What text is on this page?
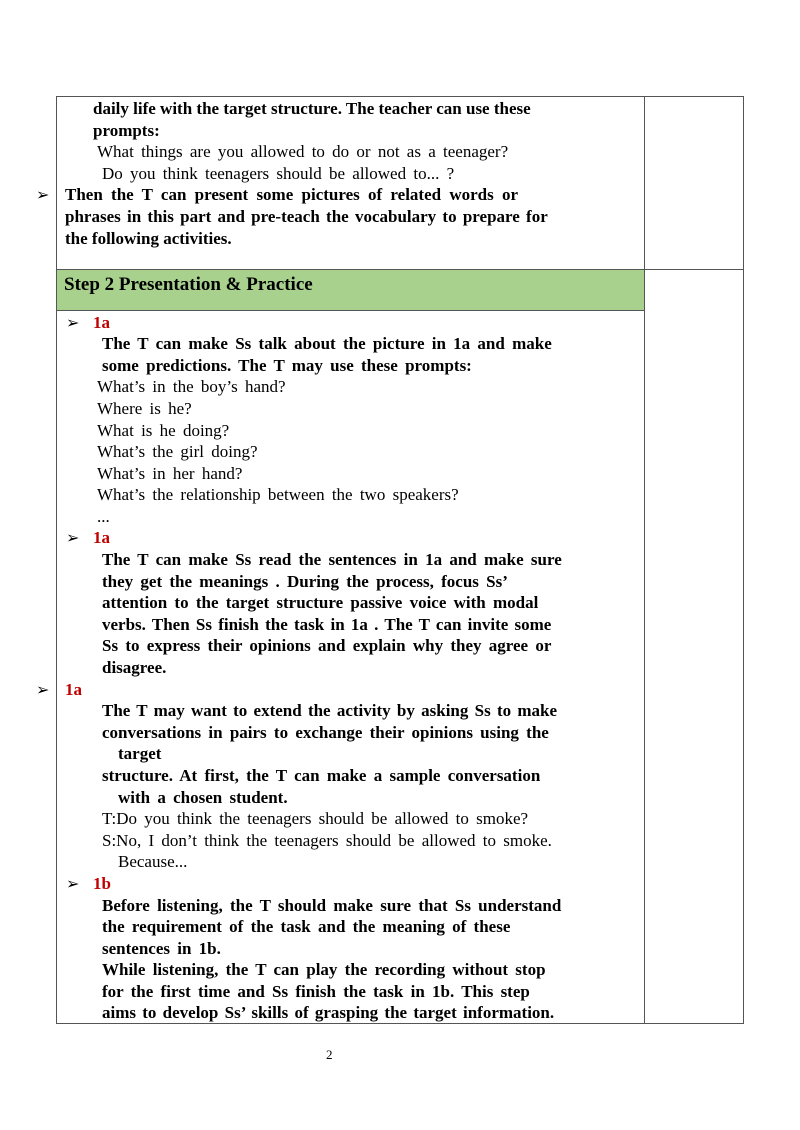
Step 2 Presentation & Practice
daily life with the target structure. The teacher can use these
prompts:
What things are you allowed to do or not as a teenager?
Do you think teenagers should be allowed to... ?
➢ Then the T can present some pictures of related words or
phrases in this part and pre-teach the vocabulary to prepare for
the following activities.
➢ 1a
The T can make Ss talk about the picture in 1a and make
some predictions. The T may use these prompts:
What’s in the boy’s hand?
Where is he?
What is he doing?
What’s the girl doing?
What’s in her hand?
What’s the relationship between the two speakers?
...
➢ 1a
The T can make Ss read the sentences in 1a and make sure
they get the meanings . During the process, focus Ss’
attention to the target structure passive voice with modal
verbs. Then Ss finish the task in 1a . The T can invite some
Ss to express their opinions and explain why they agree or
disagree.
➢ 1a
The T may want to extend the activity by asking Ss to make
conversations in pairs to exchange their opinions using the
target
structure. At first, the T can make a sample conversation
with a chosen student.
T:Do you think the teenagers should be allowed to smoke?
S:No, I don’t think the teenagers should be allowed to smoke.
Because...
➢ 1b
Before listening, the T should make sure that Ss understand
the requirement of the task and the meaning of these
sentences in 1b.
While listening, the T can play the recording without stop
for the first time and Ss finish the task in 1b. This step
aims to develop Ss’ skills of grasping the target information.
2
